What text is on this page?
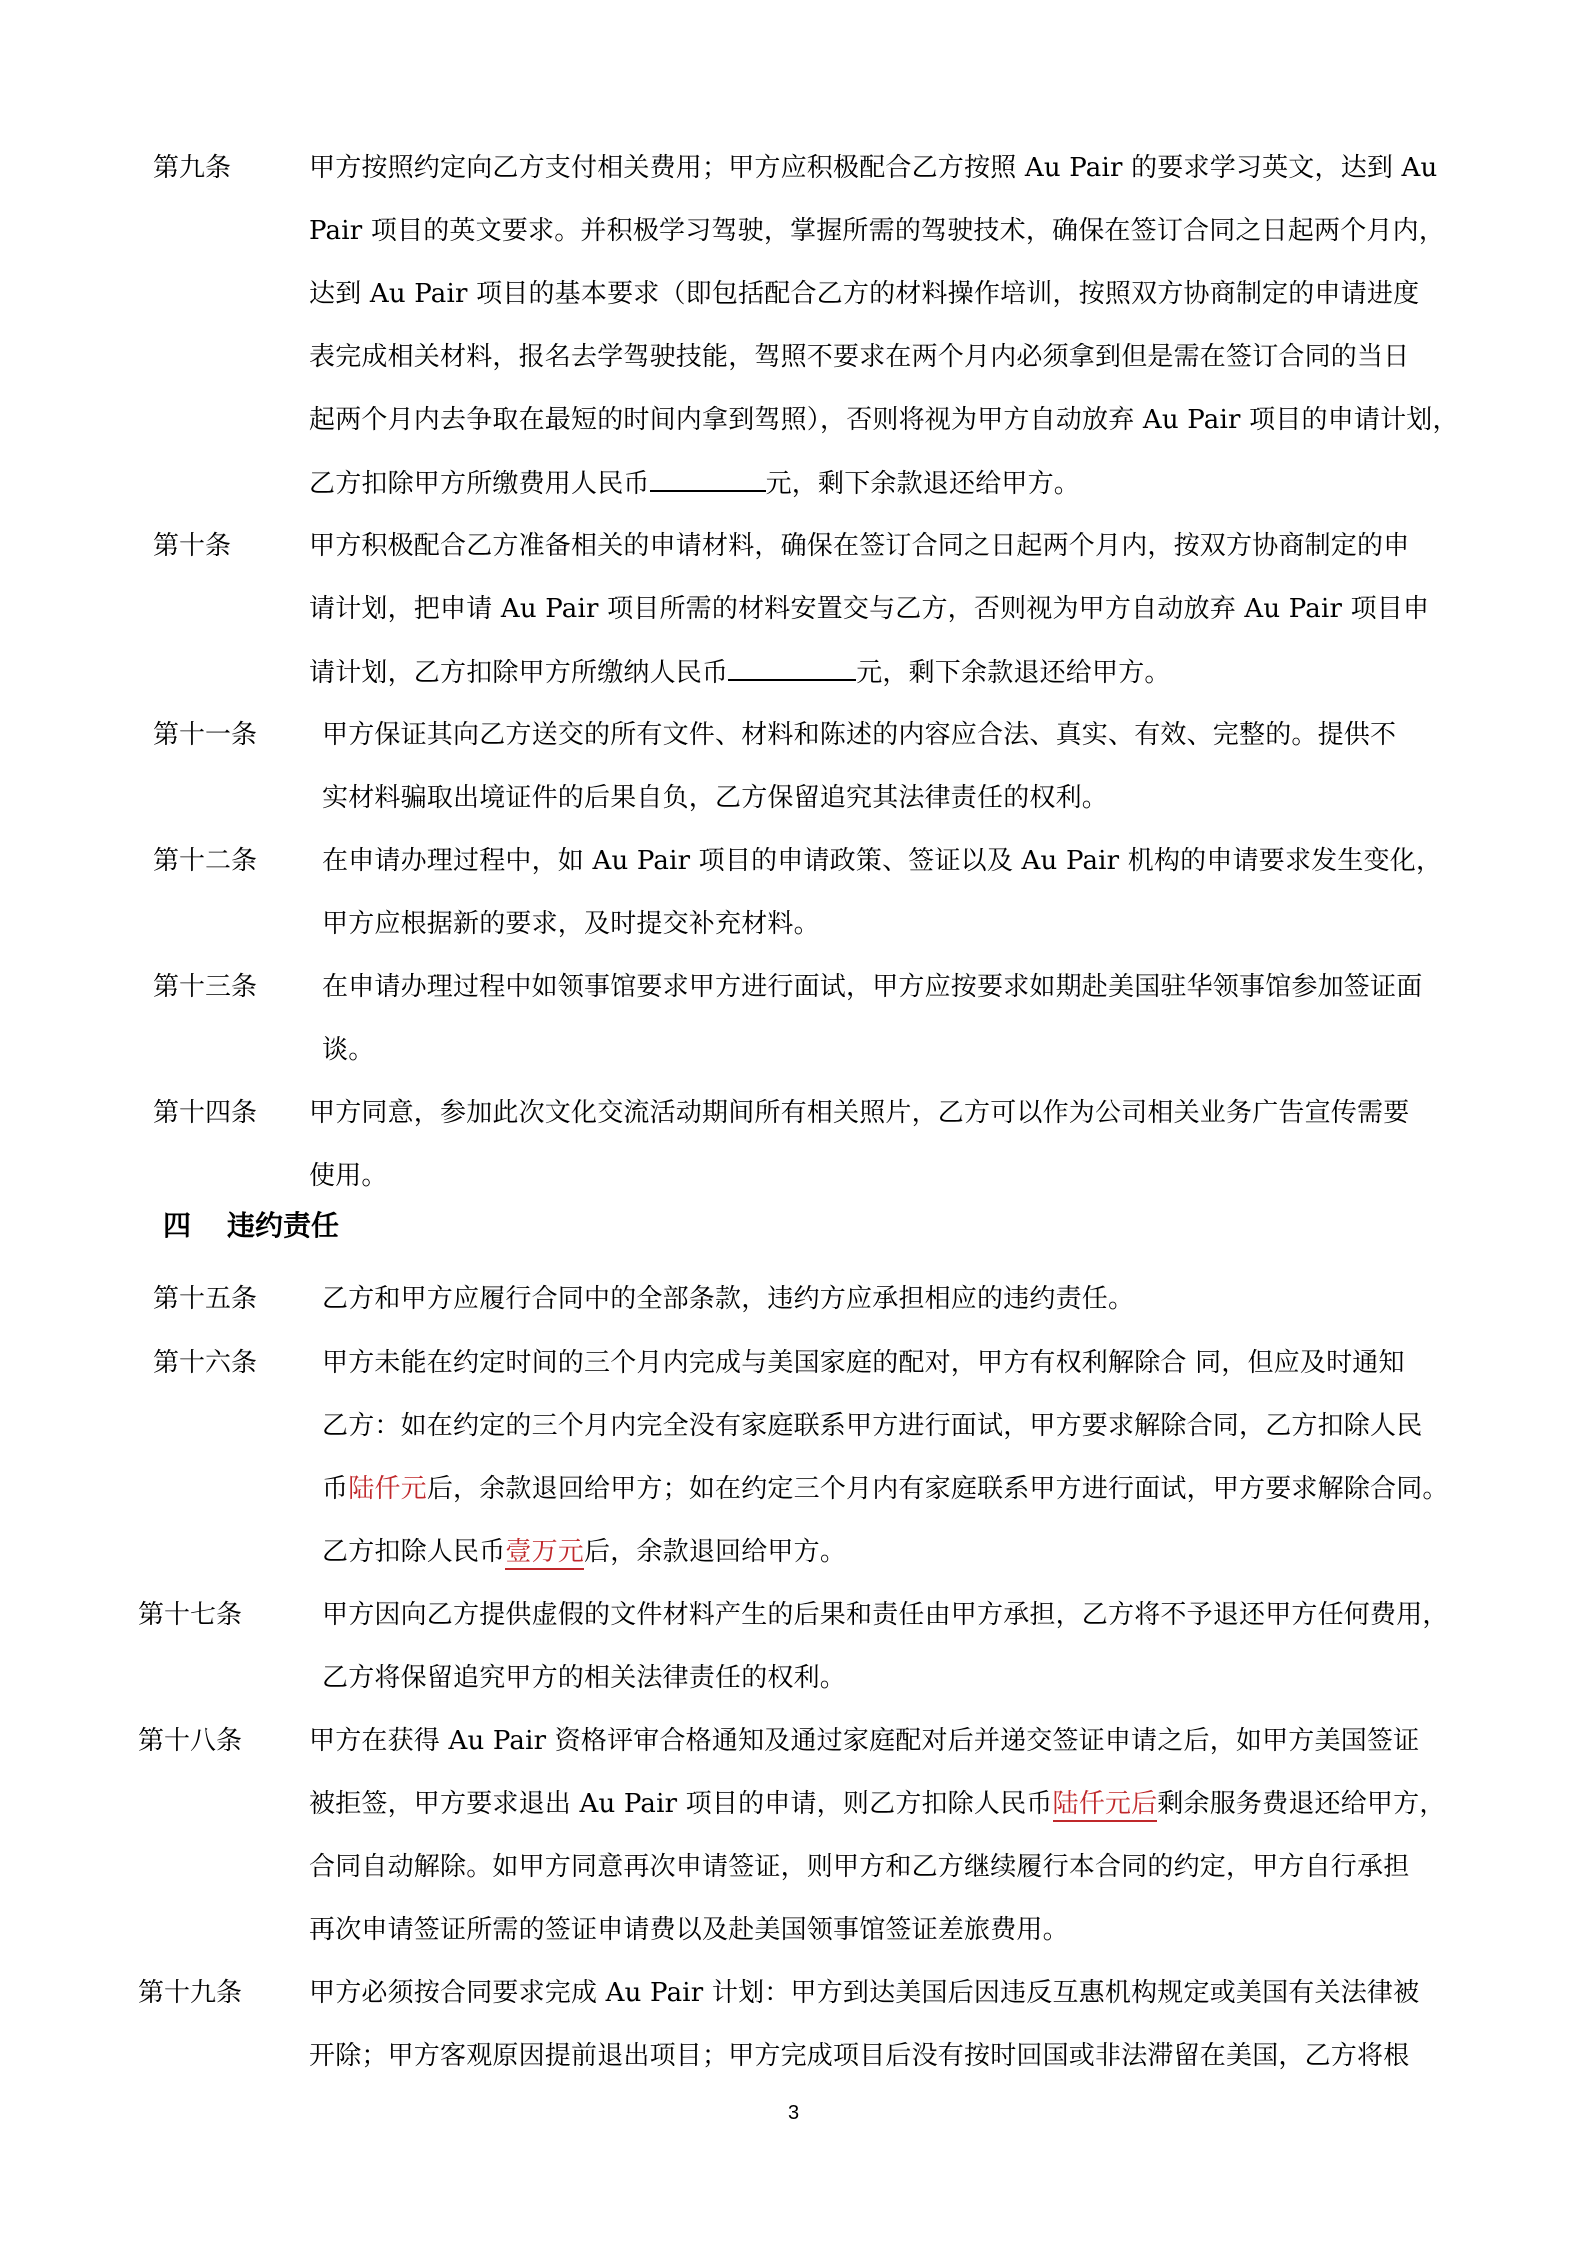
第九条	甲方按照约定向乙方支付相关费用；甲方应积极配合乙方按照 Au Pair 的要求学习英文，达到 Au
Pair 项目的英文要求。并积极学习驾驶，掌握所需的驾驶技术，确保在签订合同之日起两个月内，
达到 Au Pair 项目的基本要求（即包括配合乙方的材料操作培训，按照双方协商制定的申请进度
表完成相关材料，报名去学驾驶技能，驾照不要求在两个月内必须拿到但是需在签订合同的当日
起两个月内去争取在最短的时间内拿到驾照），否则将视为甲方自动放弃 Au Pair 项目的申请计划，
乙方扣除甲方所缴费用人民币	元，剩下余款退还给甲方。
第十条	甲方积极配合乙方准备相关的申请材料，确保在签订合同之日起两个月内，按双方协商制定的申
请计划，把申请 Au Pair 项目所需的材料安置交与乙方，否则视为甲方自动放弃 Au Pair 项目申
请计划，乙方扣除甲方所缴纳人民币	元，剩下余款退还给甲方。
第十一条 甲方保证其向乙方送交的所有文件、材料和陈述的内容应合法、真实、有效、完整的。提供不
实材料骗取出境证件的后果自负，乙方保留追究其法律责任的权利。
第十二条 在申请办理过程中，如 Au Pair 项目的申请政策、签证以及 Au Pair 机构的申请要求发生变化，
甲方应根据新的要求，及时提交补充材料。
第十三条 在申请办理过程中如领事馆要求甲方进行面试，甲方应按要求如期赴美国驻华领事馆参加签证面
谈。
第十四条 甲方同意，参加此次文化交流活动期间所有相关照片，乙方可以作为公司相关业务广告宣传需要
使用。
四 违约责任
第十五条 乙方和甲方应履行合同中的全部条款，违约方应承担相应的违约责任。
第十六条 甲方未能在约定时间的三个月内完成与美国家庭的配对，甲方有权利解除合 同，但应及时通知
乙方：如在约定的三个月内完全没有家庭联系甲方进行面试，甲方要求解除合同，乙方扣除人民
币陆仟元后，余款退回给甲方；如在约定三个月内有家庭联系甲方进行面试，甲方要求解除合同。
乙方扣除人民币壹万元后，余款退回给甲方。
第十七条	甲方因向乙方提供虚假的文件材料产生的后果和责任由甲方承担，乙方将不予退还甲方任何费用，
乙方将保留追究甲方的相关法律责任的权利。
第十八条	甲方在获得 Au Pair 资格评审合格通知及通过家庭配对后并递交签证申请之后，如甲方美国签证
被拒签，甲方要求退出 Au Pair 项目的申请，则乙方扣除人民币陆仟元后剩余服务费退还给甲方，
合同自动解除。如甲方同意再次申请签证，则甲方和乙方继续履行本合同的约定，甲方自行承担
再次申请签证所需的签证申请费以及赴美国领事馆签证差旅费用。
第十九条	甲方必须按合同要求完成 Au Pair 计划：甲方到达美国后因违反互惠机构规定或美国有关法律被
开除；甲方客观原因提前退出项目；甲方完成项目后没有按时回国或非法滞留在美国，乙方将根
3
